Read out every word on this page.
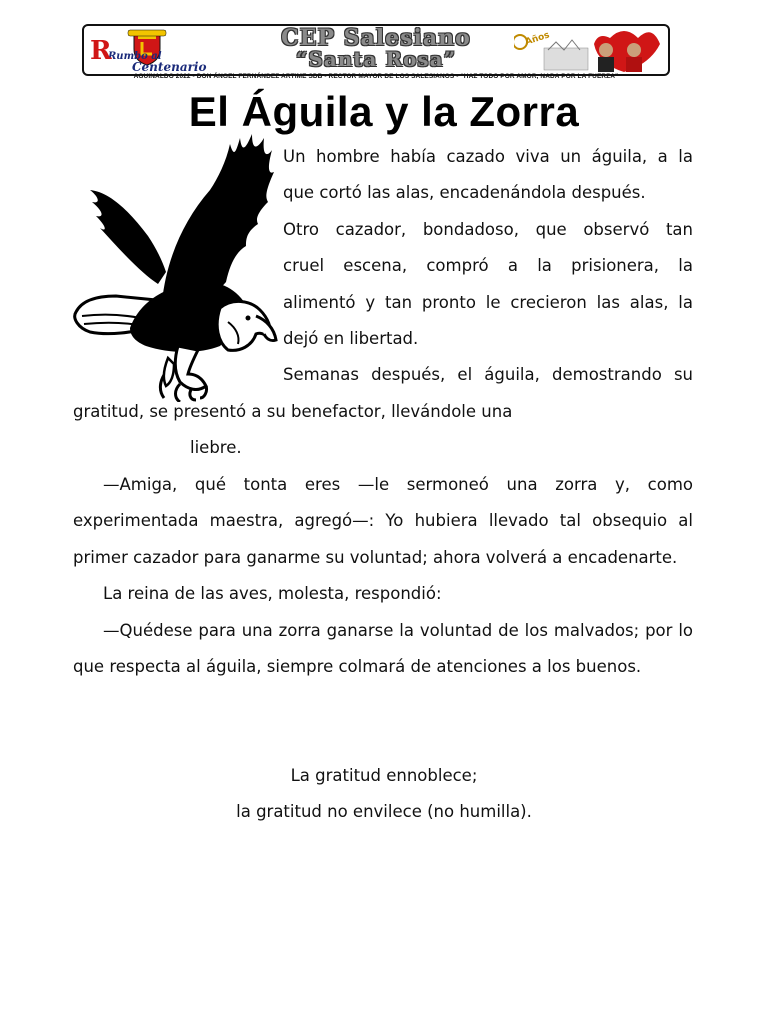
R
Rumbo al
Centenario
CEP Salesiano
“Santa Rosa”
Años
AGUINALDO 2022 - DON ÁNGEL FERNÁNDEZ ARTIME SDB - RECTOR MAYOR DE LOS SALESIANOS - “HAZ TODO POR AMOR, NADA POR LA FUERZA”
El Águila y la Zorra
Un hombre había cazado viva un águila, a la
que cortó las alas, encadenándola después.
Otro cazador, bondadoso, que observó tan
cruel escena, compró a la prisionera, la
alimentó y tan pronto le crecieron las alas, la
dejó en libertad.
Semanas después, el águila, demostrando su
gratitud, se presentó a su benefactor, llevándole una
liebre.
—Amiga, qué tonta eres —le sermoneó una zorra y, como experimentada maestra, agregó—: Yo hubiera llevado tal obsequio al primer cazador para ganarme su voluntad; ahora volverá a encadenarte.
La reina de las aves, molesta, respondió:
—Quédese para una zorra ganarse la voluntad de los malvados; por lo que respecta al águila, siempre colmará de atenciones a los buenos.
La gratitud ennoblece;
la gratitud no envilece (no humilla).
